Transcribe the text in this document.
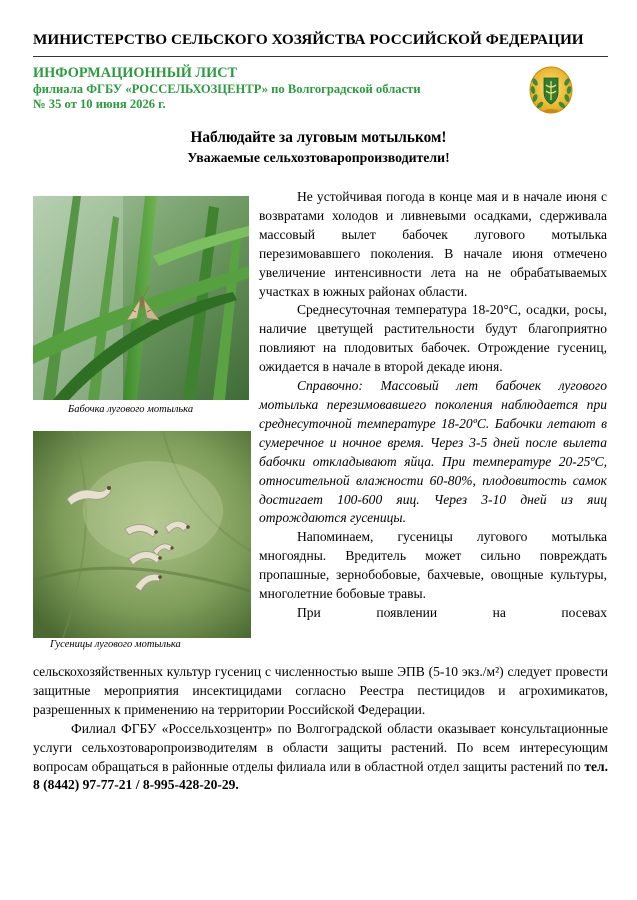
МИНИСТЕРСТВО СЕЛЬСКОГО ХОЗЯЙСТВА РОССИЙСКОЙ ФЕДЕРАЦИИ
ИНФОРМАЦИОННЫЙ ЛИСТ
филиала ФГБУ «РОССЕЛЬХОЗЦЕНТР» по Волгоградской области
№ 35 от 10 июня 2026 г.
Наблюдайте за луговым мотыльком!
Уважаемые сельхозтоваропроизводители!
Бабочка лугового мотылька
Гусеницы лугового мотылька

Не устойчивая погода в конце мая и в начале июня с возвратами холодов и ливневыми осадками, сдерживала массовый вылет бабочек лугового мотылька перезимовавшего поколения. В начале июня отмечено увеличение интенсивности лета на не обрабатываемых участках в южных районах области.

Среднесуточная температура 18-20°С, осадки, росы, наличие цветущей растительности будут благоприятно повлияют на плодовитых бабочек. Отрождение гусениц, ожидается в начале в второй декаде июня.

Справочно: Массовый лет бабочек лугового мотылька перезимовавшего поколения наблюдается при среднесуточной температуре 18-20ºС. Бабочки летают в сумеречное и ночное время. Через 3-5 дней после вылета бабочки откладывают яйца. При температуре 20-25ºС, относительной влажности 60-80%, плодовитость самок достигает 100-600 яиц. Через 3-10 дней из яиц отрождаются гусеницы.

Напоминаем, гусеницы лугового мотылька многоядны. Вредитель может сильно повреждать пропашные, зернобобовые, бахчевые, овощные культуры, многолетние бобовые травы.

При появлении на посевах

сельскохозяйственных культур гусениц с численностью выше ЭПВ (5-10 экз./м²) следует провести защитные мероприятия инсектицидами согласно Реестра пестицидов и агрохимикатов, разрешенных к применению на территории Российской Федерации.

Филиал ФГБУ «Россельхозцентр» по Волгоградской области оказывает консультационные услуги сельхозтоваропроизводителям в области защиты растений. По всем интересующим вопросам обращаться в районные отделы филиала или в областной отдел защиты растений по тел. 8 (8442) 97-77-21 / 8-995-428-20-29.
